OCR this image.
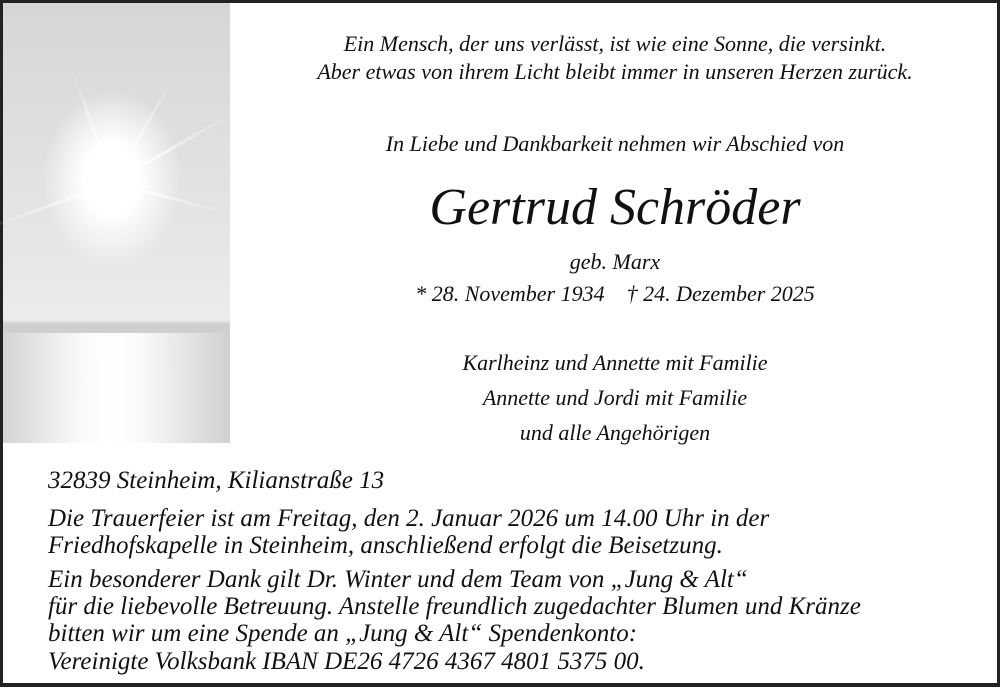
Ein Mensch, der uns verlässt, ist wie eine Sonne, die versinkt.
Aber etwas von ihrem Licht bleibt immer in unseren Herzen zurück.
In Liebe und Dankbarkeit nehmen wir Abschied von
Gertrud Schröder
geb. Marx
* 28. November 1934    † 24. Dezember 2025
Karlheinz und Annette mit Familie
Annette und Jordi mit Familie
und alle Angehörigen
32839 Steinheim, Kilianstraße 13
Die Trauerfeier ist am Freitag, den 2. Januar 2026 um 14.00 Uhr in der
Friedhofskapelle in Steinheim, anschließend erfolgt die Beisetzung.
Ein besonderer Dank gilt Dr. Winter und dem Team von „Jung & Alt“
für die liebevolle Betreuung. Anstelle freundlich zugedachter Blumen und Kränze
bitten wir um eine Spende an „Jung & Alt“ Spendenkonto:
Vereinigte Volksbank IBAN DE26 4726 4367 4801 5375 00.
